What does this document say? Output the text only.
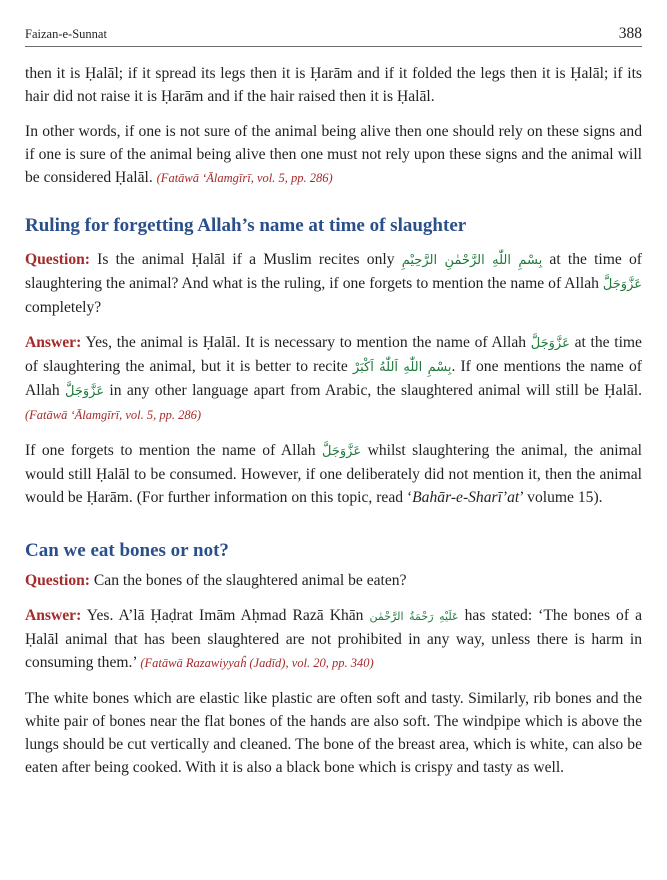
Faizan-e-Sunnat	388

then it is Ḥalāl; if it spread its legs then it is Ḥarām and if it folded the legs then it is Ḥalāl; if its hair did not raise it is Ḥarām and if the hair raised then it is Ḥalāl.

In other words, if one is not sure of the animal being alive then one should rely on these signs and if one is sure of the animal being alive then one must not rely upon these signs and the animal will be considered Ḥalāl. (Fatāwā ‘Ālamgīrī, vol. 5, pp. 286)

Ruling for forgetting Allah’s name at time of slaughter

Question: Is the animal Ḥalāl if a Muslim recites only بِسْمِ اللّٰهِ الرَّحْمٰنِ الرَّحِيْمِ at the time of slaughtering the animal? And what is the ruling, if one forgets to mention the name of Allah عَزَّوَجَلَّ completely?

Answer: Yes, the animal is Ḥalāl. It is necessary to mention the name of Allah عَزَّوَجَلَّ at the time of slaughtering the animal, but it is better to recite بِسْمِ اللّٰهِ اَللّٰهُ اَكْبَرْ. If one mentions the name of Allah عَزَّوَجَلَّ in any other language apart from Arabic, the slaughtered animal will still be Ḥalāl. (Fatāwā ‘Ālamgīrī, vol. 5, pp. 286)

If one forgets to mention the name of Allah عَزَّوَجَلَّ whilst slaughtering the animal, the animal would still Ḥalāl to be consumed. However, if one deliberately did not mention it, then the animal would be Ḥarām. (For further information on this topic, read ‘Bahār-e-Sharī’at’ volume 15).

Can we eat bones or not?

Question: Can the bones of the slaughtered animal be eaten?

Answer: Yes. A’lā Ḥaḍrat Imām Aḥmad Razā Khān عَلَيْهِ رَحْمَةُ الرَّحْمٰن has stated: ‘The bones of a Ḥalāl animal that has been slaughtered are not prohibited in any way, unless there is harm in consuming them.’ (Fatāwā Razawiyyaĥ (Jadīd), vol. 20, pp. 340)

The white bones which are elastic like plastic are often soft and tasty. Similarly, rib bones and the white pair of bones near the flat bones of the hands are also soft. The windpipe which is above the lungs should be cut vertically and cleaned. The bone of the breast area, which is white, can also be eaten after being cooked. With it is also a black bone which is crispy and tasty as well.
